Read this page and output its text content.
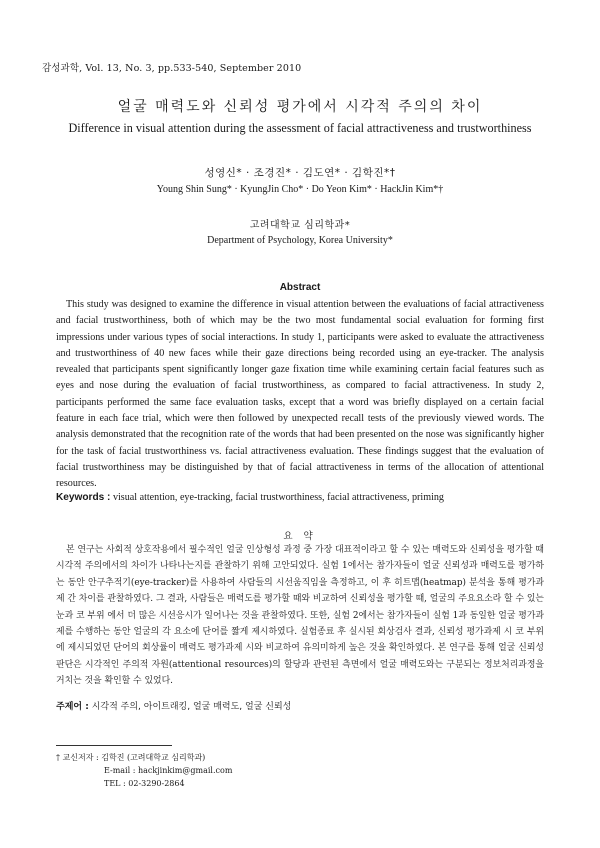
감성과학, Vol. 13, No. 3, pp.533-540, September 2010
얼굴 매력도와 신뢰성 평가에서 시각적 주의의 차이
Difference in visual attention during the assessment of facial attractiveness and trustworthiness
성영신* · 조경진* · 김도연* · 김학진*†
Young Shin Sung* · KyungJin Cho* · Do Yeon Kim* · HackJin Kim*†
고려대학교 심리학과*
Department of Psychology, Korea University*
Abstract

This study was designed to examine the difference in visual attention between the evaluations of facial attractiveness and facial trustworthiness, both of which may be the two most fundamental social evaluation for forming first impressions under various types of social interactions. In study 1, participants were asked to evaluate the attractiveness and trustworthiness of 40 new faces while their gaze directions being recorded using an eye-tracker. The analysis revealed that participants spent significantly longer gaze fixation time while examining certain facial features such as eyes and nose during the evaluation of facial trustworthiness, as compared to facial attractiveness. In study 2, participants performed the same face evaluation tasks, except that a word was briefly displayed on a certain facial feature in each face trial, which were then followed by unexpected recall tests of the previously viewed words. The analysis demonstrated that the recognition rate of the words that had been presented on the nose was significantly higher for the task of facial trustworthiness vs. facial attractiveness evaluation. These findings suggest that the evaluation of facial trustworthiness may be distinguished by that of facial attractiveness in terms of the allocation of attentional resources.

Keywords : visual attention, eye-tracking, facial trustworthiness, facial attractiveness, priming
요 약

본 연구는 사회적 상호작용에서 필수적인 얼굴 인상형성 과정 중 가장 대표적이라고 할 수 있는 매력도와 신뢰성을 평가할 때 시각적 주의에서의 차이가 나타나는지를 관찰하기 위해 고안되었다. 실험 1에서는 참가자들이 얼굴 신뢰성과 매력도를 평가하는 동안 안구추적기(eye-tracker)를 사용하여 사람들의 시선움직임을 측정하고, 이 후 히트맵(heatmap) 분석을 통해 평가과제 간 차이를 관찰하였다. 그 결과, 사람들은 매력도를 평가할 때와 비교하여 신뢰성을 평가할 때, 얼굴의 주요요소라 할 수 있는 눈과 코 부위 에서 더 많은 시선응시가 일어나는 것을 관찰하였다. 또한, 실험 2에서는 참가자들이 실험 1과 동일한 얼굴 평가과제를 수행하는 동안 얼굴의 각 요소에 단어를 짧게 제시하였다. 실험종료 후 실시된 회상검사 결과, 신뢰성 평가과제 시 코 부위에 제시되었던 단어의 회상률이 매력도 평가과제 시와 비교하여 유의미하게 높은 것을 확인하였다. 본 연구를 통해 얼굴 신뢰성 판단은 시각적인 주의적 자원(attentional resources)의 할당과 관련된 측면에서 얼굴 매력도와는 구분되는 정보처리과정을 거치는 것을 확인할 수 있었다.

주제어 : 시각적 주의, 아이트래킹, 얼굴 매력도, 얼굴 신뢰성
† 교신저자 : 김학진 (고려대학교 심리학과)
E-mail : hackjinkim@gmail.com
TEL : 02-3290-2864
